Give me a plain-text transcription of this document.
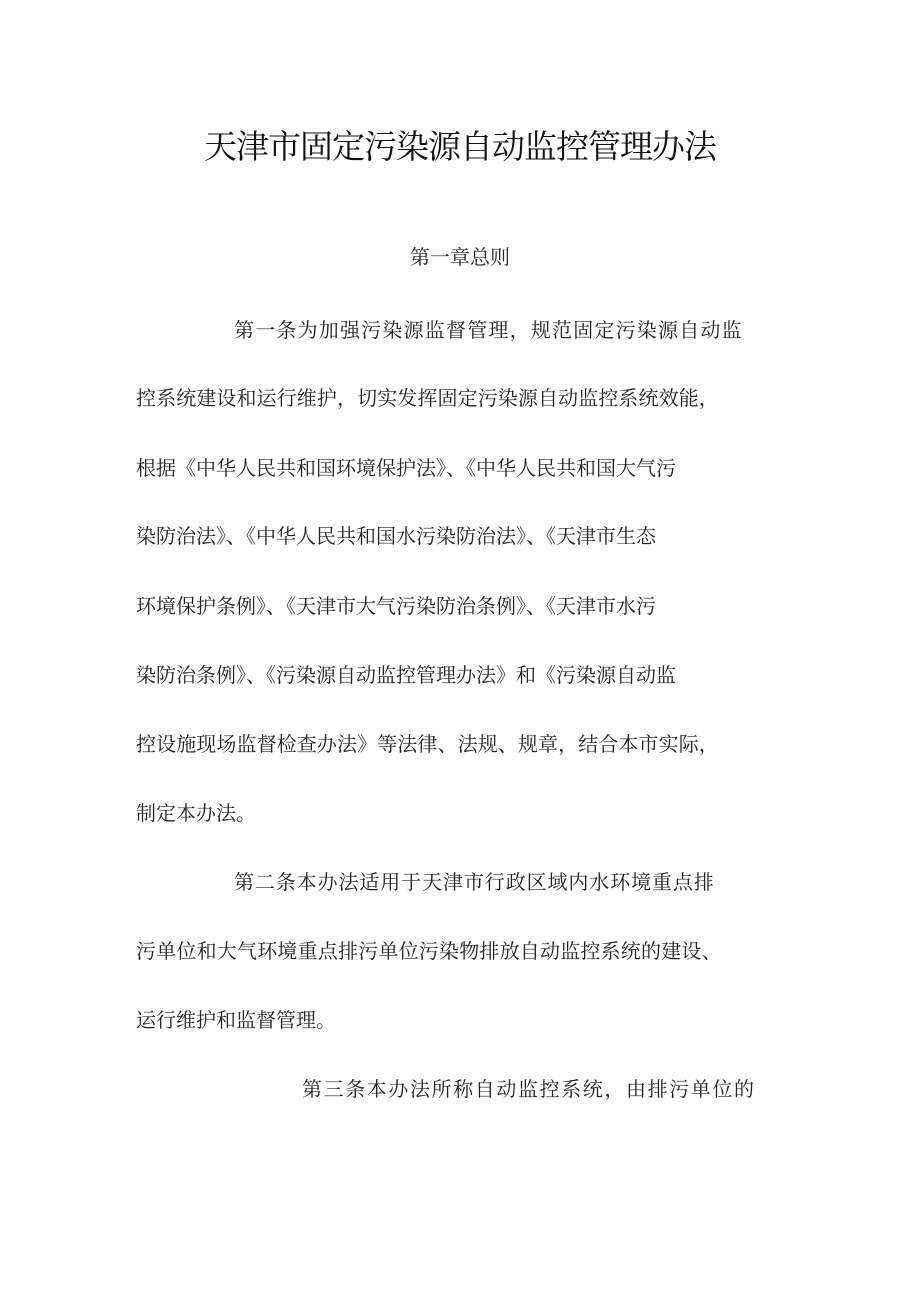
天津市固定污染源自动监控管理办法
第一章总则
第一条为加强污染源监督管理，规范固定污染源自动监
控系统建设和运行维护，切实发挥固定污染源自动监控系统效能，
根据《中华人民共和国环境保护法》、《中华人民共和国大气污
染防治法》、《中华人民共和国水污染防治法》、《天津市生态
环境保护条例》、《天津市大气污染防治条例》、《天津市水污
染防治条例》、《污染源自动监控管理办法》和《污染源自动监
控设施现场监督检查办法》等法律、法规、规章，结合本市实际，
制定本办法。
第二条本办法适用于天津市行政区域内水环境重点排
污单位和大气环境重点排污单位污染物排放自动监控系统的建设、
运行维护和监督管理。
第三条本办法所称自动监控系统，由排污单位的
